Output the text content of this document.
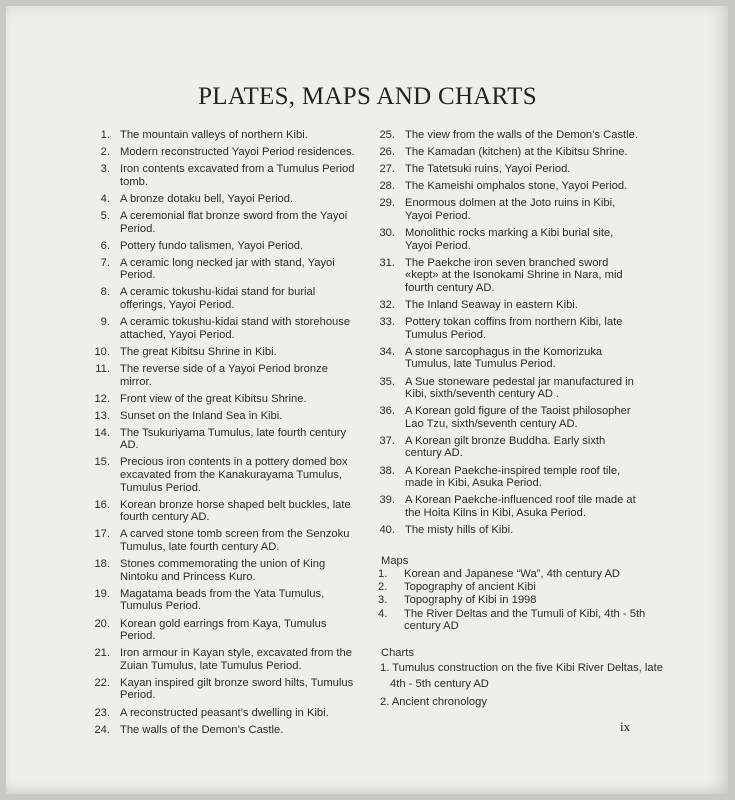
PLATES, MAPS AND CHARTS
1. The mountain valleys of northern Kibi.
2. Modern reconstructed Yayoi Period residences.
3. Iron contents excavated from a Tumulus Period tomb.
4. A bronze dotaku bell, Yayoi Period.
5. A ceremonial flat bronze sword from the Yayoi Period.
6. Pottery fundo talismen, Yayoi Period.
7. A ceramic long necked jar with stand, Yayoi Period.
8. A ceramic tokushu-kidai stand for burial offerings, Yayoi Period.
9. A ceramic tokushu-kidai stand with storehouse attached, Yayoi Period.
10. The great Kibitsu Shrine in Kibi.
11. The reverse side of a Yayoi Period bronze mirror.
12. Front view of the great Kibitsu Shrine.
13. Sunset on the Inland Sea in Kibi.
14. The Tsukuriyama Tumulus, late fourth century AD.
15. Precious iron contents in a pottery domed box excavated from the Kanakurayama Tumulus, Tumulus Period.
16. Korean bronze horse shaped belt buckles, late fourth century AD.
17. A carved stone tomb screen from the Senzoku Tumulus, late fourth century AD.
18. Stones commemorating the union of King Nintoku and Princess Kuro.
19. Magatama beads from the Yata Tumulus, Tumulus Period.
20. Korean gold earrings from Kaya, Tumulus Period.
21. Iron armour in Kayan style, excavated from the Zuian Tumulus, late Tumulus Period.
22. Kayan inspired gilt bronze sword hilts, Tumulus Period.
23. A reconstructed peasant’s dwelling in Kibi.
24. The walls of the Demon’s Castle.
25. The view from the walls of the Demon’s Castle.
26. The Kamadan (kitchen) at the Kibitsu Shrine.
27. The Tatetsuki ruins, Yayoi Period.
28. The Kameishi omphalos stone, Yayoi Period.
29. Enormous dolmen at the Joto ruins in Kibi, Yayoi Period.
30. Monolithic rocks marking a Kibi burial site, Yayoi Period.
31. The Paekche iron seven branched sword «kept» at the Isonokami Shrine in Nara, mid fourth century AD.
32. The Inland Seaway in eastern Kibi.
33. Pottery tokan coffins from northern Kibi, late Tumulus Period.
34. A stone sarcophagus in the Komorizuka Tumulus, late Tumulus Period.
35. A Sue stoneware pedestal jar manufactured in Kibi, sixth/seventh century AD .
36. A Korean gold figure of the Taoist philosopher Lao Tzu, sixth/seventh century AD.
37. A Korean gilt bronze Buddha. Early sixth century AD.
38. A Korean Paekche-inspired temple roof tile, made in Kibi, Asuka Period.
39. A Korean Paekche-influenced roof tile made at the Hoita Kilns in Kibi, Asuka Period.
40. The misty hills of Kibi.
Maps
1. Korean and Japanese “Wa”, 4th century AD
2. Topography of ancient Kibi
3. Topography of Kibi in 1998
4. The River Deltas and the Tumuli of Kibi, 4th - 5th century AD
Charts
1. Tumulus construction on the five Kibi River Deltas, late 4th - 5th century AD
2. Ancient chronology
ix
